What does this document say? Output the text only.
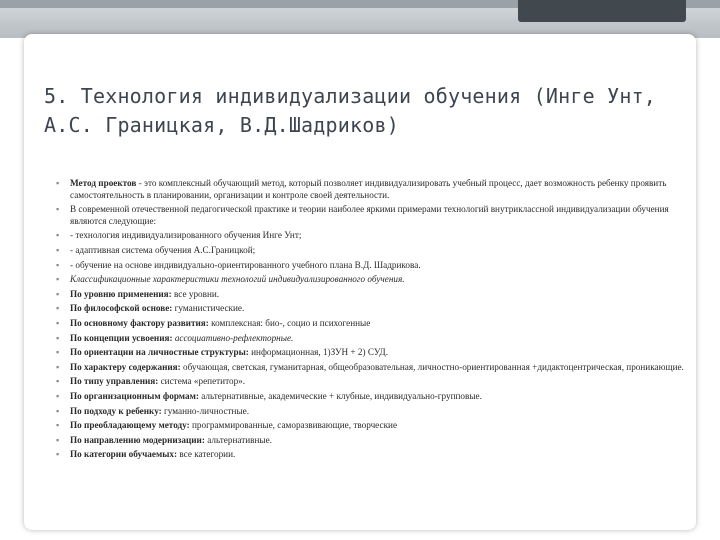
5. Технология индивидуализации обучения (Инге Унт, А.С. Границкая, В.Д.Шадриков)
▪ Метод проектов - это комплексный обучающий метод, который позволяет индивидуализировать учебный процесс, дает возможность ребенку проявить самостоятельность в планировании, организации и контроле своей деятельности.
▪ В современной отечественной педагогической практике и теории наиболее яркими примерами технологий внутриклассной индивидуализации обучения являются следующие:
▪ - технология индивидуализированного обучения Инге Унт;
▪ - адаптивная система обучения А.С.Границкой;
▪ - обучение на основе индивидуально-ориентированного учебного плана В.Д. Шадрикова.
▪ Классификационные характеристики технологий индивидуализированного обучения.
▪ По уровню применения: все уровни.
▪ По философской основе: гуманистические.
▪ По основному фактору развития: комплексная: био-, социо и психогенные
▪ По концепции усвоения: ассоциативно-рефлекторные.
▪ По ориентации на личностные структуры: информационная, 1)ЗУН + 2) СУД.
▪ По характеру содержания: обучающая, светская, гуманитарная, общеобразовательная, личностно-ориентированная +дидактоцентрическая, проникающие.
▪ По типу управления: система «репетитор».
▪ По организационным формам: альтернативные, академические + клубные, индивидуально-групповые.
▪ По подходу к ребенку: гуманно-личностные.
▪ По преобладающему методу: программированные, саморазвивающие, творческие
▪ По направлению модернизации: альтернативные.
▪ По категории обучаемых: все категории.
